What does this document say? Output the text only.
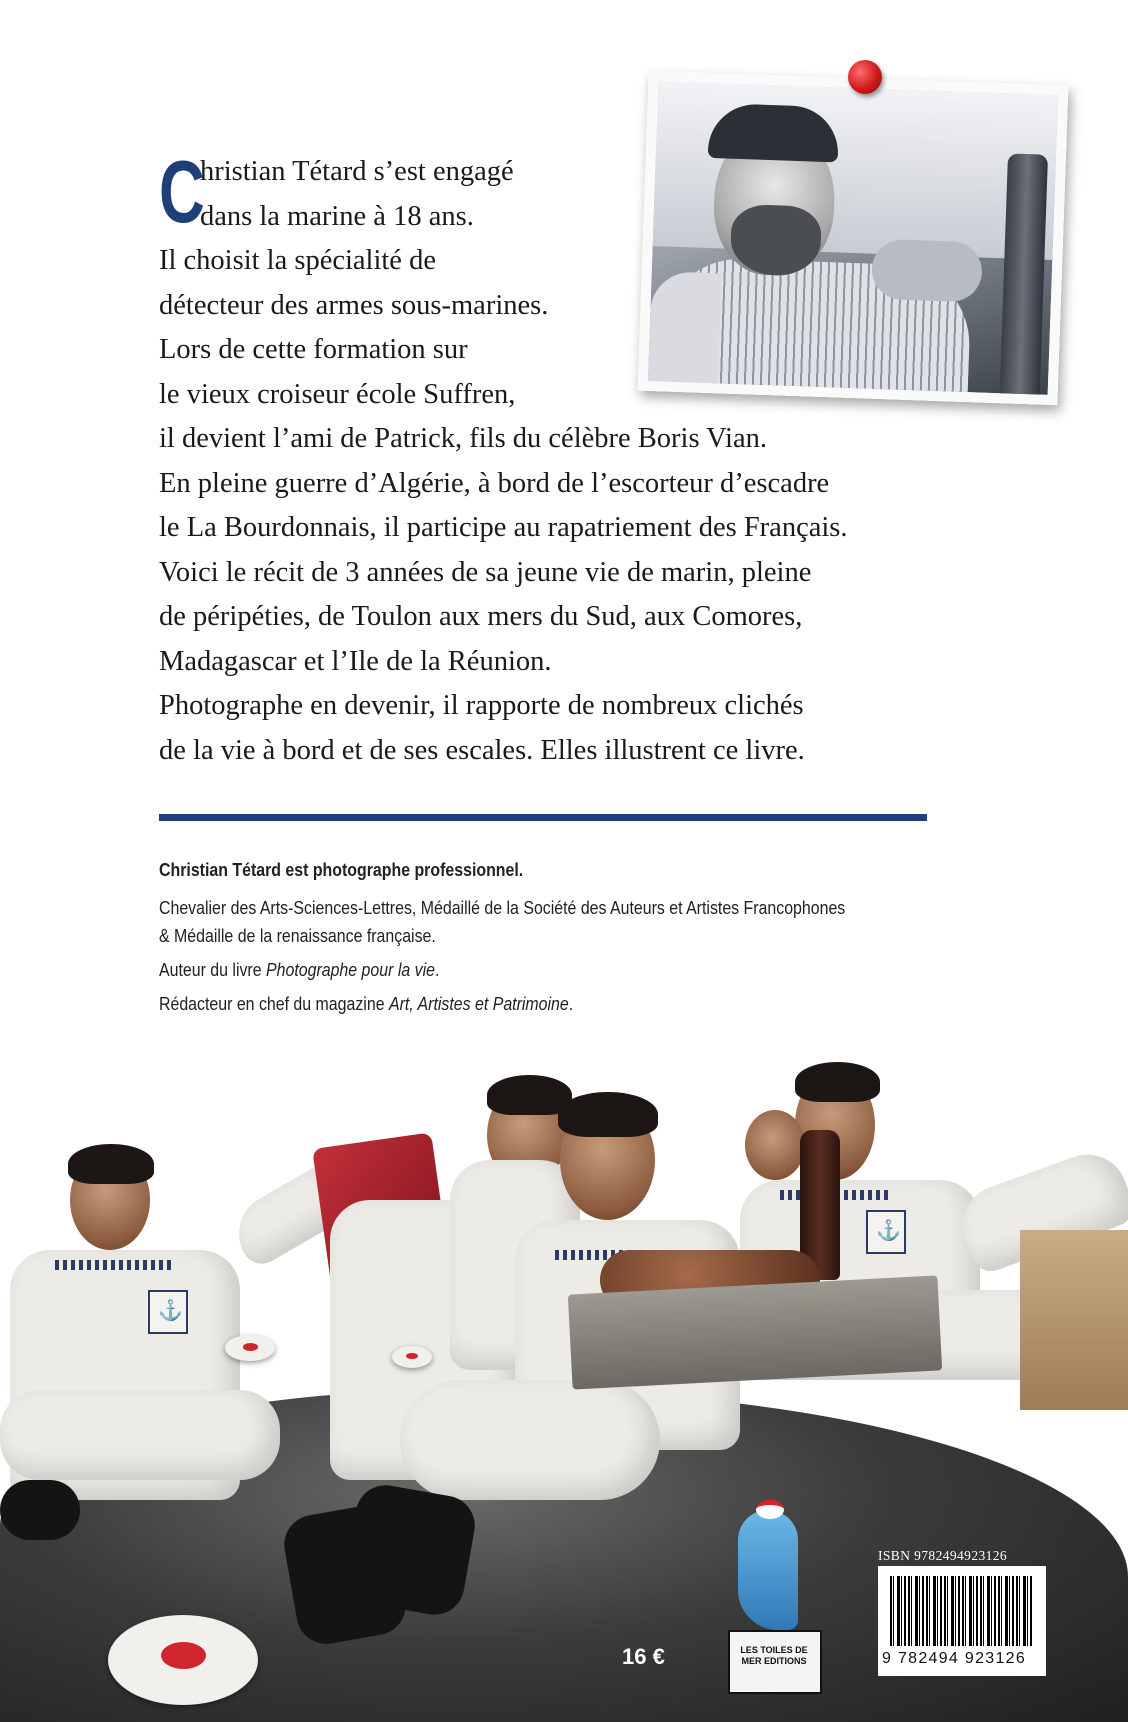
C
hristian Tétard s’est engagé
dans la marine à 18 ans.
Il choisit la spécialité de
détecteur des armes sous-marines.
Lors de cette formation sur
le vieux croiseur école Suffren,
il devient l’ami de Patrick, fils du célèbre Boris Vian.
En pleine guerre d’Algérie, à bord de l’escorteur d’escadre
le La Bourdonnais, il participe au rapatriement des Français.
Voici le récit de 3 années de sa jeune vie de marin, pleine
de péripéties, de Toulon aux mers du Sud, aux Comores,
Madagascar et l’Ile de la Réunion.
Photographe en devenir, il rapporte de nombreux clichés
de la vie à bord et de ses escales. Elles illustrent ce livre.

Christian Tétard est photographe professionnel.

Chevalier des Arts-Sciences-Lettres, Médaillé de la Société des Auteurs et Artistes Francophones
& Médaille de la renaissance française.

Auteur du livre Photographe pour la vie.

Rédacteur en chef du magazine Art, Artistes et Patrimoine.

⚓
⚓
⚓
16 €	LES TOILES DE MER EDITIONS
ISBN 9782494923126
9 782494 923126
